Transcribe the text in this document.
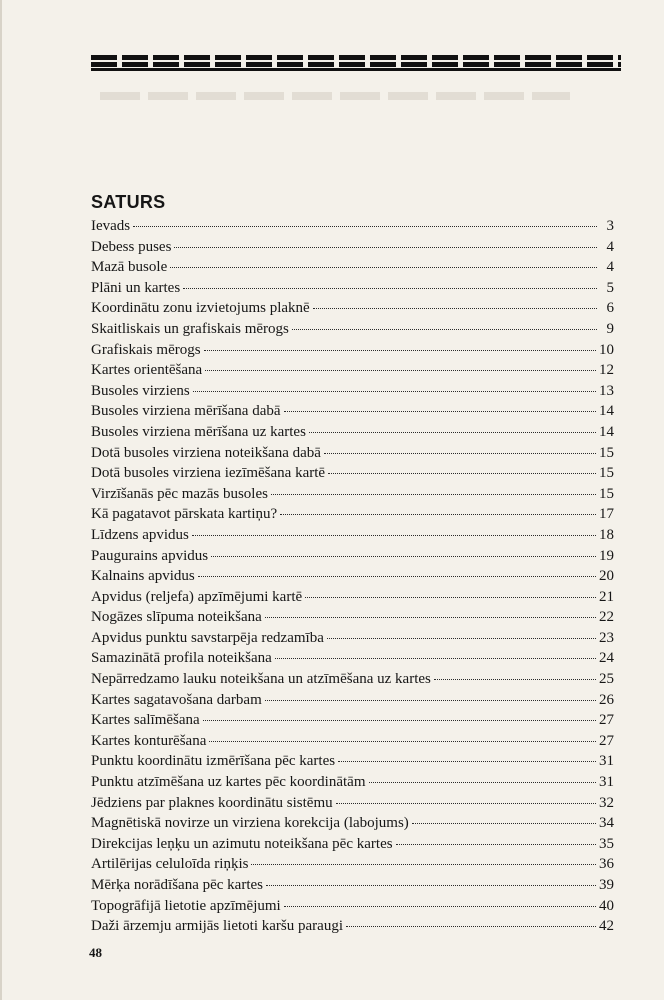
SATURS
Ievads	3
Debess puses	4
Mazā busole	4
Plāni un kartes	5
Koordinātu zonu izvietojums plaknē	6
Skaitliskais un grafiskais mērogs	9
Grafiskais mērogs	10
Kartes orientēšana	12
Busoles virziens	13
Busoles virziena mērīšana dabā	14
Busoles virziena mērīšana uz kartes	14
Dotā busoles virziena noteikšana dabā	15
Dotā busoles virziena iezīmēšana kartē	15
Virzīšanās pēc mazās busoles	15
Kā pagatavot pārskata kartiņu?	17
Līdzens apvidus	18
Paugurains apvidus	19
Kalnains apvidus	20
Apvidus (reljefa) apzīmējumi kartē	21
Nogāzes slīpuma noteikšana	22
Apvidus punktu savstarpēja redzamība	23
Samazinātā profila noteikšana	24
Nepārredzamo lauku noteikšana un atzīmēšana uz kartes	25
Kartes sagatavošana darbam	26
Kartes salīmēšana	27
Kartes konturēšana	27
Punktu koordinātu izmērīšana pēc kartes	31
Punktu atzīmēšana uz kartes pēc koordinātām	31
Jēdziens par plaknes koordinātu sistēmu	32
Magnētiskā novirze un virziena korekcija (labojums)	34
Direkcijas leņķu un azimutu noteikšana pēc kartes	35
Artilērijas celuloīda riņķis	36
Mērķa norādīšana pēc kartes	39
Topogrāfijā lietotie apzīmējumi	40
Daži ārzemju armijās lietoti karšu paraugi	42
48
